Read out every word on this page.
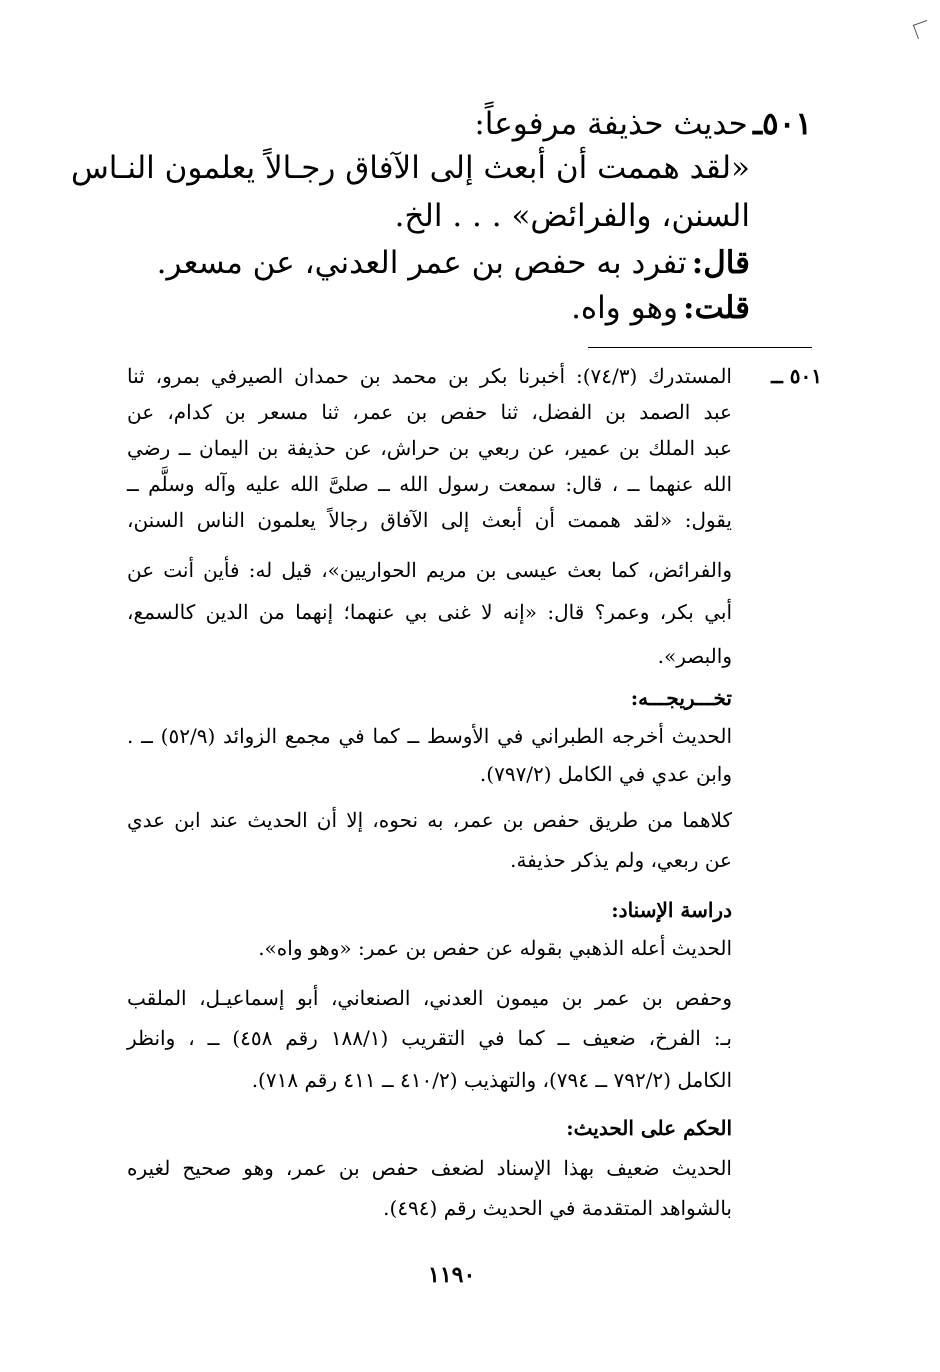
٥٠١ـ حديث حذيفة مرفوعاً:
«لقد هممت أن أبعث إلى الآفاق رجـالاً يعلمون النـاس
السنن، والفرائض» . . . الخ.
قال: تفرد به حفص بن عمر العدني، عن مسعر.
قلت: وهو واه.
٥٠١ ــ
المستدرك (٧٤/٣): أخبرنا بكر بن محمد بن حمدان الصيرفي بمرو، ثنا
عبد الصمد بن الفضل، ثنا حفص بن عمر، ثنا مسعر بن كدام، عن
عبد الملك بن عمير، عن ربعي بن حراش، عن حذيفة بن اليمان ــ رضي
الله عنهما ــ ، قال: سمعت رسول الله ــ صلىَّ الله عليه وآله وسلَّم ــ
يقول: «لقد هممت أن أبعث إلى الآفاق رجالاً يعلمون الناس السنن،
والفرائض، كما بعث عيسى بن مريم الحواريين»، قيل له: فأين أنت عن
أبي بكر، وعمر؟ قال: «إنه لا غنى بي عنهما؛ إنهما من الدين كالسمع،
والبصر».
تخـــريجـــه:
الحديث أخرجه الطبراني في الأوسط ــ كما في مجمع الزوائد (٥٢/٩) ــ .
وابن عدي في الكامل (٧٩٧/٢).
كلاهما من طريق حفص بن عمر، به نحوه، إلا أن الحديث عند ابن عدي
عن ربعي، ولم يذكر حذيفة.
دراسة الإسناد:
الحديث أعله الذهبي بقوله عن حفص بن عمر: «وهو واه».
وحفص بن عمر بن ميمون العدني، الصنعاني، أبو إسماعيـل، الملقب
بـ: الفرخ، ضعيف ــ كما في التقريب (١٨٨/١ رقم ٤٥٨) ــ ، وانظر
الكامل (٧٩٢/٢ ــ ٧٩٤)، والتهذيب (٤١٠/٢ ــ ٤١١ رقم ٧١٨).
الحكم على الحديث:
الحديث ضعيف بهذا الإسناد لضعف حفص بن عمر، وهو صحيح لغيره
بالشواهد المتقدمة في الحديث رقم (٤٩٤).
١١٩٠
